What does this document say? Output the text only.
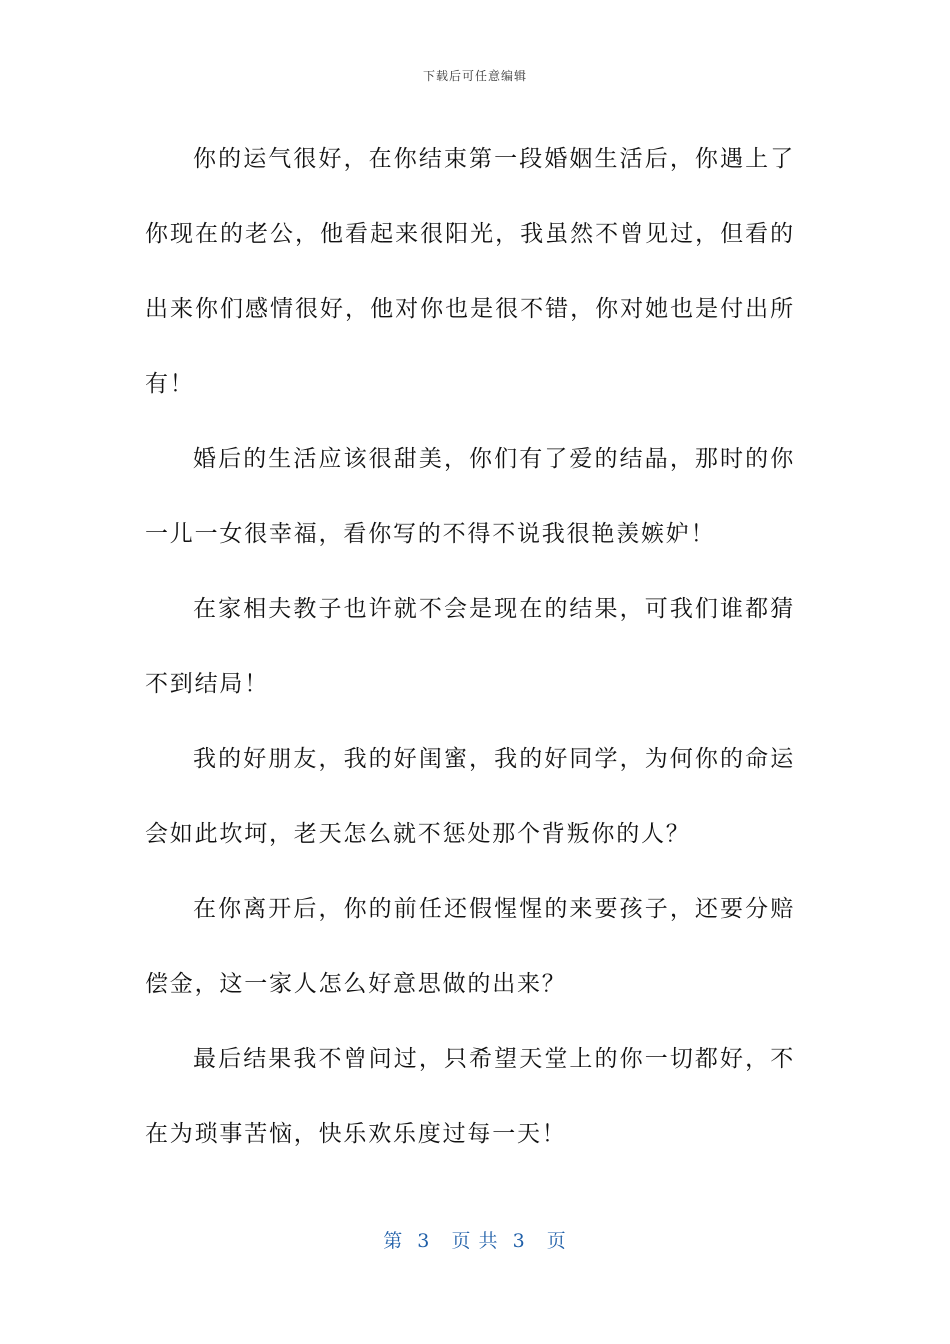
下载后可任意编辑

你的运气很好，在你结束第一段婚姻生活后，你遇上了你现在的老公，他看起来很阳光，我虽然不曾见过，但看的出来你们感情很好，他对你也是很不错，你对她也是付出所有！

婚后的生活应该很甜美，你们有了爱的结晶，那时的你一儿一女很幸福，看你写的不得不说我很艳羡嫉妒！

在家相夫教子也许就不会是现在的结果，可我们谁都猜不到结局！

我的好朋友，我的好闺蜜，我的好同学，为何你的命运会如此坎坷，老天怎么就不惩处那个背叛你的人？

在你离开后，你的前任还假惺惺的来要孩子，还要分赔偿金，这一家人怎么好意思做的出来？

最后结果我不曾问过，只希望天堂上的你一切都好，不在为琐事苦恼，快乐欢乐度过每一天！

第  3   页 共  3   页
